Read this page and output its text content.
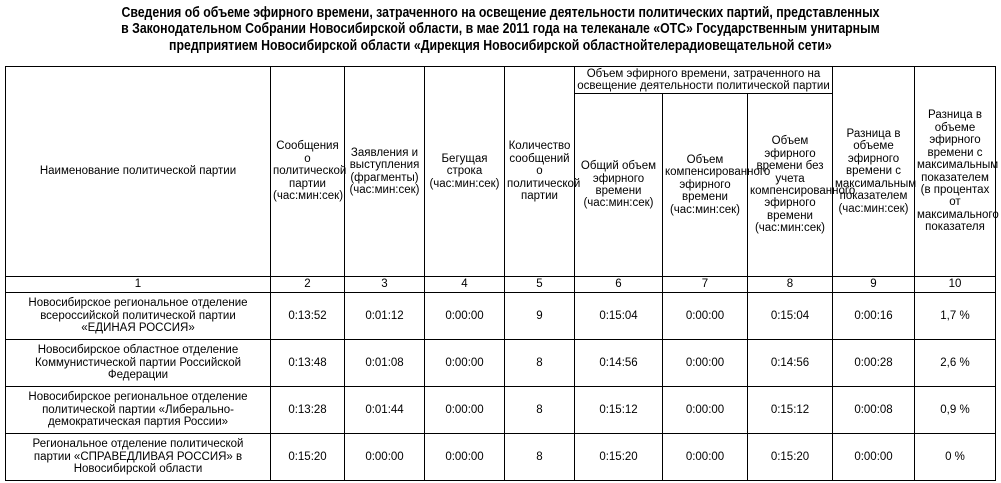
Сведения об объеме эфирного времени, затраченного на освещение деятельности политических партий, представленных
в Законодательном Собрании Новосибирской области, в мае 2011 года на телеканале «ОТС» Государственным унитарным
предприятием Новосибирской области «Дирекция Новосибирской областнойтелерадиовещательной сети»
Наименование политической партии	Сообщения о политической партии (час:мин:сек)	Заявления и выступления (фрагменты) (час:мин:сек)	Бегущая строка (час:мин:сек)	Количество сообщений о политической партии	Объем эфирного времени, затраченного на освещение деятельности политической партии			Разница в объеме эфирного времени с максимальным показателем (час:мин:сек)	Разница в объеме эфирного времени с максимальным показателем (в процентах от максимального показателя
					Общий объем эфирного времени (час:мин:сек)	Объем компенсированного эфирного времени (час:мин:сек)	Объем эфирного времени без учета компенсированного эфирного времени (час:мин:сек)		
1	2	3	4	5	6	7	8	9	10
Новосибирское региональное отделение всероссийской политической партии «ЕДИНАЯ РОССИЯ»	0:13:52	0:01:12	0:00:00	9	0:15:04	0:00:00	0:15:04	0:00:16	1,7 %
Новосибирское областное отделение Коммунистической партии Российской Федерации	0:13:48	0:01:08	0:00:00	8	0:14:56	0:00:00	0:14:56	0:00:28	2,6 %
Новосибирское региональное отделение политической партии «Либерально-демократическая партия России»	0:13:28	0:01:44	0:00:00	8	0:15:12	0:00:00	0:15:12	0:00:08	0,9 %
Региональное отделение политической партии «СПРАВЕДЛИВАЯ РОССИЯ» в Новосибирской области	0:15:20	0:00:00	0:00:00	8	0:15:20	0:00:00	0:15:20	0:00:00	0 %
